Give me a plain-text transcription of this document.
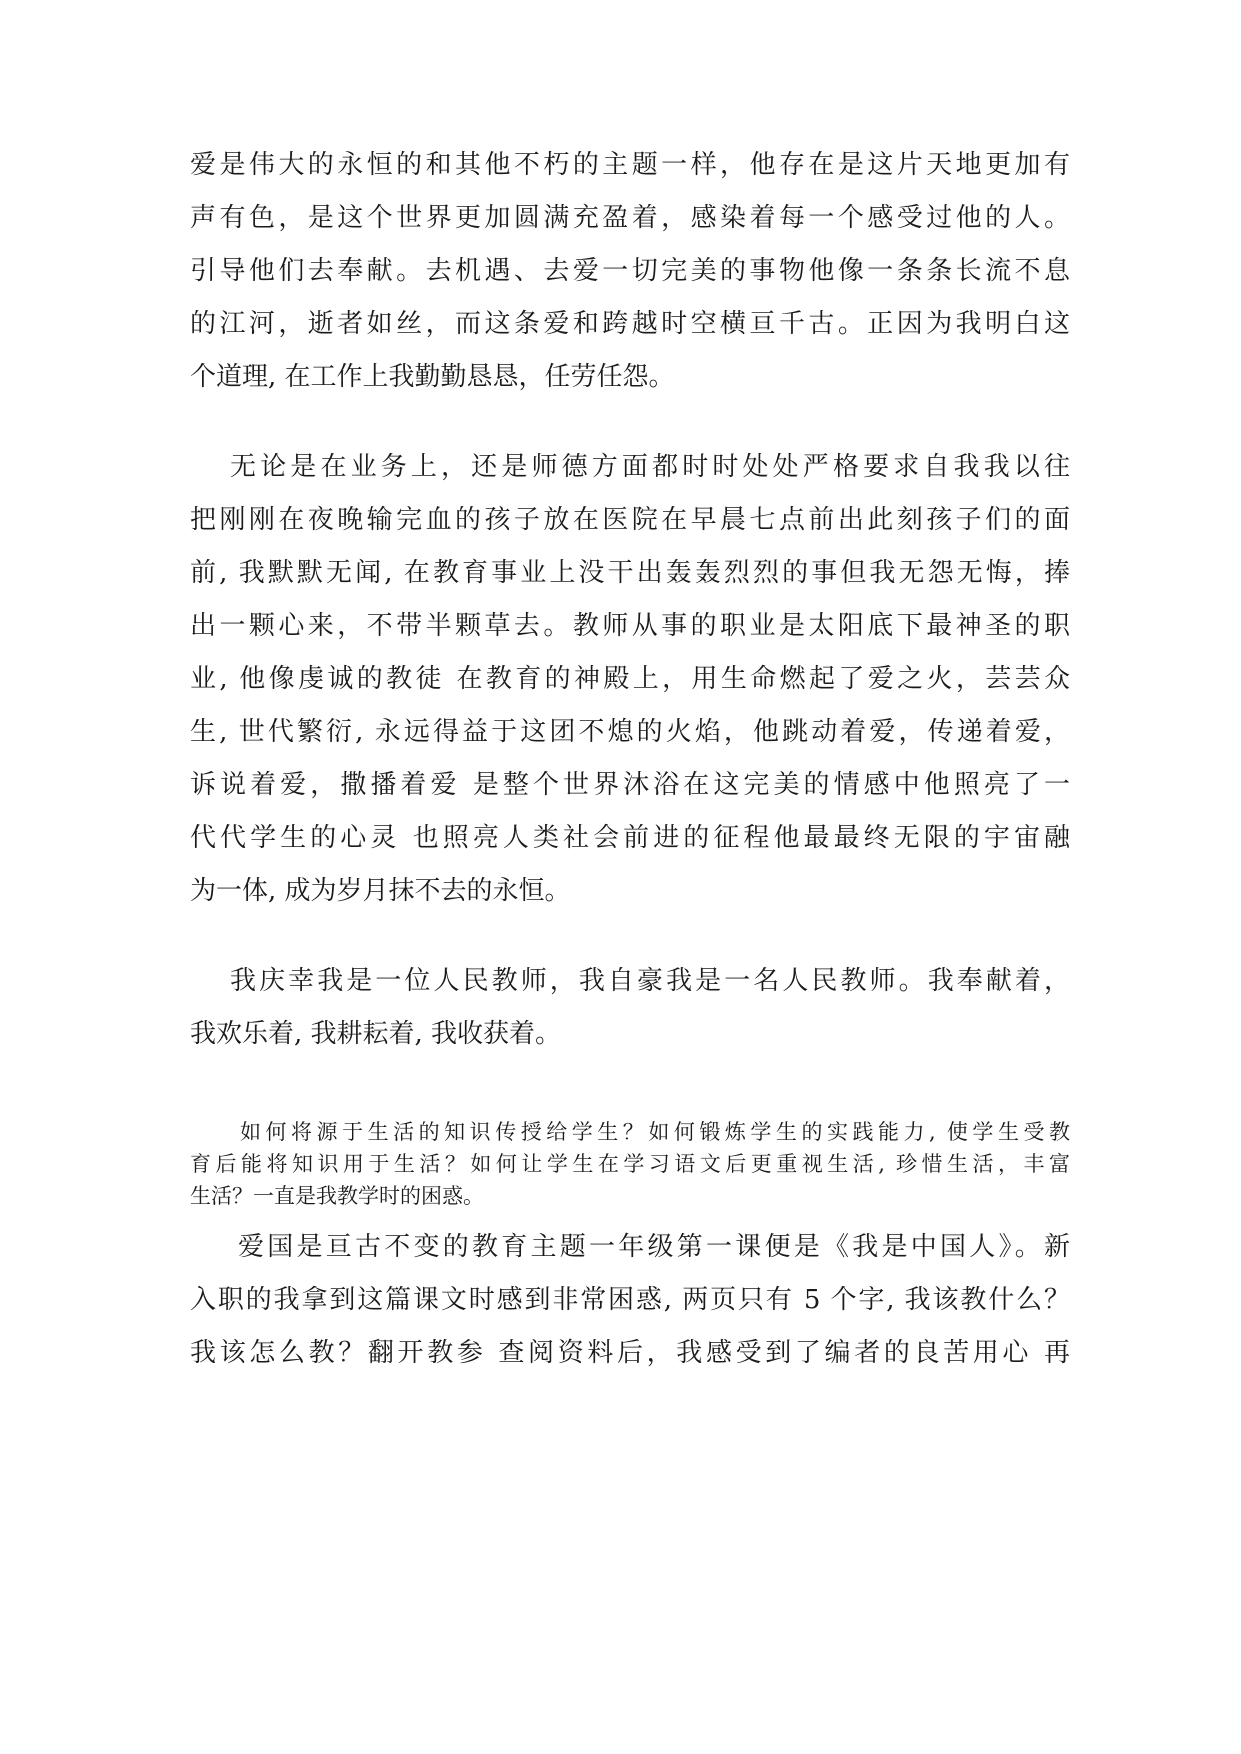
爱是伟大的永恒的和其他不朽的主题一样，他存在是这片天地更加有
声有色，是这个世界更加圆满充盈着，感染着每一个感受过他的人。
引导他们去奉献。去机遇、去爱一切完美的事物他像一条条长流不息
的江河，逝者如丝，而这条爱和跨越时空横亘千古。正因为我明白这
个道理, 在工作上我勤勤恳恳，任劳任怨。
无论是在业务上，还是师德方面都时时处处严格要求自我我以往
把刚刚在夜晚输完血的孩子放在医院在早晨七点前出此刻孩子们的面
前, 我默默无闻, 在教育事业上没干出轰轰烈烈的事但我无怨无悔，捧
出一颗心来，不带半颗草去。教师从事的职业是太阳底下最神圣的职
业, 他像虔诚的教徒 在教育的神殿上，用生命燃起了爱之火，芸芸众
生, 世代繁衍, 永远得益于这团不熄的火焰，他跳动着爱，传递着爱，
诉说着爱，撒播着爱 是整个世界沐浴在这完美的情感中他照亮了一
代代学生的心灵 也照亮人类社会前进的征程他最最终无限的宇宙融
为一体, 成为岁月抹不去的永恒。
我庆幸我是一位人民教师，我自豪我是一名人民教师。我奉献着，
我欢乐着, 我耕耘着, 我收获着。
如何将源于生活的知识传授给学生？如何锻炼学生的实践能力, 使学生受教
育后能将知识用于生活？如何让学生在学习语文后更重视生活, 珍惜生活，丰富
生活？一直是我教学时的困惑。
爱国是亘古不变的教育主题一年级第一课便是《我是中国人》。新
入职的我拿到这篇课文时感到非常困惑, 两页只有 5 个字, 我该教什么？
我该怎么教？翻开教参 查阅资料后，我感受到了编者的良苦用心 再
